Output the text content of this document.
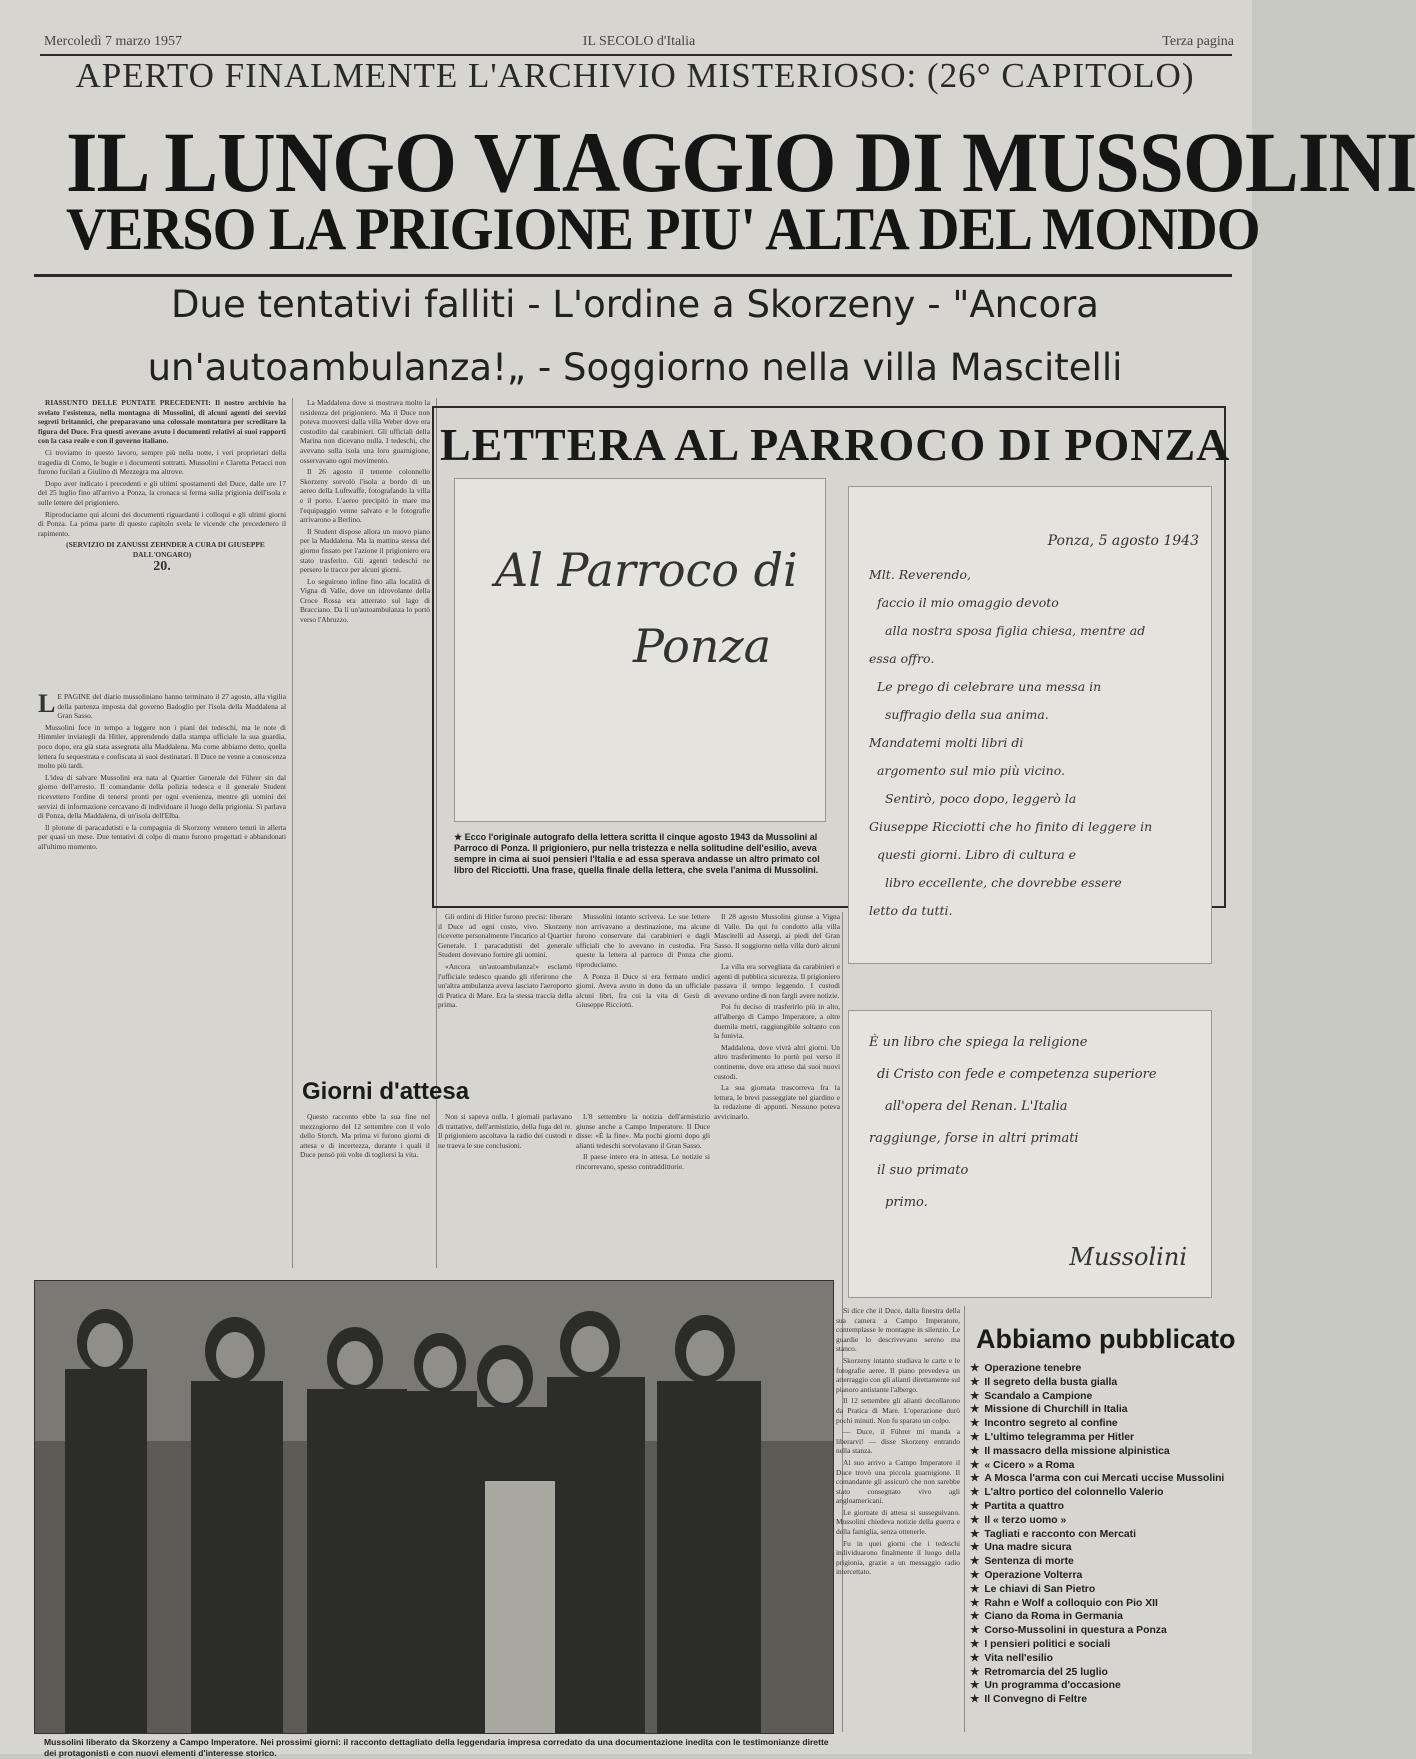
Mercoledì 7 marzo 1957	IL SECOLO d'Italia	Terza pagina
APERTO FINALMENTE L'ARCHIVIO MISTERIOSO: (26° CAPITOLO)
IL LUNGO VIAGGIO DI MUSSOLINI
VERSO LA PRIGIONE PIU' ALTA DEL MONDO
Due tentativi falliti - L'ordine a Skorzeny - "Ancora
un'autoambulanza!„ - Soggiorno nella villa Mascitelli

RIASSUNTO DELLE PUNTATE PRECEDENTI: Il nostro archivio ha svelato l'esistenza, nella montagna di Mussolini, di alcuni agenti dei servizi segreti britannici, che preparavano una colossale montatura per screditare la figura del Duce. Fra questi avevano avuto i documenti relativi ai suoi rapporti con la casa reale e con il governo italiano.

Ci troviamo in questo lavoro, sempre più nella notte, i veri proprietari della tragedia di Como, le bugie e i documenti sottratti. Mussolini e Claretta Petacci non furono fucilati a Giulino di Mezzegra ma altrove.

Dopo aver indicato i precedenti e gli ultimi spostamenti del Duce, dalle ore 17 del 25 luglio fino all'arrivo a Ponza, la cronaca si ferma sulla prigionia dell'isola e sulle lettere del prigioniero.

Riproduciamo qui alcuni dei documenti riguardanti i colloqui e gli ultimi giorni di Ponza. La prima parte di questo capitolo svela le vicende che precedettero il rapimento.

(SERVIZIO DI ZANUSSI ZEHNDER A CURA DI GIUSEPPE DALL'ONGARO)

20.

L E PAGINE del diario mussoliniano hanno terminato il 27 agosto, alla vigilia della partenza imposta dal governo Badoglio per l'isola della Maddalena al Gran Sasso.

Mussolini fece in tempo a leggere non i piani dei tedeschi, ma le note di Himmler inviategli da Hitler, apprendendo dalla stampa ufficiale la sua guardia, poco dopo, era già stata assegnata alla Maddalena. Ma come abbiamo detto, quella lettera fu sequestrata e confiscata ai suoi destinatari. Il Duce ne venne a conoscenza molto più tardi.

L'idea di salvare Mussolini era nata al Quartier Generale del Führer sin dal giorno dell'arresto. Il comandante della polizia tedesca e il generale Student ricevettero l'ordine di tenersi pronti per ogni evenienza, mentre gli uomini dei servizi di informazione cercavano di individuare il luogo della prigionia. Si parlava di Ponza, della Maddalena, di un'isola dell'Elba.

Il plotone di paracadutisti e la compagnia di Skorzeny vennero tenuti in allerta per quasi un mese. Due tentativi di colpo di mano furono progettati e abbandonati all'ultimo momento.

La Maddalena dove si mostrava molto la residenza del prigioniero. Ma il Duce non poteva muoversi dalla villa Weber dove era custodito dai carabinieri. Gli ufficiali della Marina non dicevano nulla. I tedeschi, che avevano sulla isola una loro guarnigione, osservavano ogni movimento.

Il 26 agosto il tenente colonnello Skorzeny sorvolò l'isola a bordo di un aereo della Luftwaffe, fotografando la villa e il porto. L'aereo precipitò in mare ma l'equipaggio venne salvato e le fotografie arrivarono a Berlino.

Il Student dispose allora un nuovo piano per la Maddalena. Ma la mattina stessa del giorno fissato per l'azione il prigioniero era stato trasferito. Gli agenti tedeschi ne persero le tracce per alcuni giorni.

Lo seguirono infine fino alla località di Vigna di Valle, dove un idrovolante della Croce Rossa era atterrato sul lago di Bracciano. Da lì un'autoambulanza lo portò verso l'Abruzzo.

LETTERA AL PARROCO DI PONZA
Al Parroco di
Ponza
★ Ecco l'originale autografo della lettera scritta il cinque agosto 1943 da Mussolini al Parroco di Ponza. Il prigioniero, pur nella tristezza e nella solitudine dell'esilio, aveva sempre in cima ai suoi pensieri l'Italia e ad essa sperava andasse un altro primato col libro del Ricciotti. Una frase, quella finale della lettera, che svela l'anima di Mussolini.
Ponza, 5 agosto 1943
Mlt. Reverendo,
faccio il mio omaggio devoto
alla nostra sposa figlia chiesa, mentre ad
essa offro.
Le prego di celebrare una messa in
suffragio della sua anima.
Mandatemi molti libri di
argomento sul mio più vicino.
Sentirò, poco dopo, leggerò la
Giuseppe Ricciotti che ho finito di leggere in
questi giorni. Libro di cultura e
libro eccellente, che dovrebbe essere
letto da tutti.
È un libro che spiega la religione
di Cristo con fede e competenza superiore
all'opera del Renan. L'Italia
raggiunge, forse in altri primati
il suo primato
primo.
Mussolini

Gli ordini di Hitler furono precisi: liberare il Duce ad ogni costo, vivo. Skorzeny ricevette personalmente l'incarico al Quartier Generale. I paracadutisti del generale Student dovevano fornire gli uomini.

«Ancora un'autoambulanza!» esclamò l'ufficiale tedesco quando gli riferirono che un'altra ambulanza aveva lasciato l'aeroporto di Pratica di Mare. Era la stessa traccia della prima.

Mussolini intanto scriveva. Le sue lettere non arrivavano a destinazione, ma alcune furono conservate dai carabinieri e dagli ufficiali che lo avevano in custodia. Fra queste la lettera al parroco di Ponza che riproduciamo.

A Ponza il Duce si era fermato undici giorni. Aveva avuto in dono da un ufficiale alcuni libri, fra cui la vita di Gesù di Giuseppe Ricciotti.

Il 28 agosto Mussolini giunse a Vigna di Valle. Da qui fu condotto alla villa Mascitelli ad Assergi, ai piedi del Gran Sasso. Il soggiorno nella villa durò alcuni giorni.

La villa era sorvegliata da carabinieri e agenti di pubblica sicurezza. Il prigioniero passava il tempo leggendo. I custodi avevano ordine di non fargli avere notizie.

Poi fu deciso di trasferirlo più in alto, all'albergo di Campo Imperatore, a oltre duemila metri, raggiungibile soltanto con la funivia.

Maddalena, dove vivrà altri giorni. Un altro trasferimento lo portò poi verso il continente, dove era atteso dai suoi nuovi custodi.

La sua giornata trascorreva fra la lettura, le brevi passeggiate nel giardino e la redazione di appunti. Nessuno poteva avvicinarlo.

Giorni d'attesa

Questo racconto ebbe la sua fine nel mezzogiorno del 12 settembre con il volo dello Storch. Ma prima vi furono giorni di attesa e di incertezza, durante i quali il Duce pensò più volte di togliersi la vita.

Non si sapeva nulla. I giornali parlavano di trattative, dell'armistizio, della fuga del re. Il prigioniero ascoltava la radio dei custodi e ne traeva le sue conclusioni.

L'8 settembre la notizia dell'armistizio giunse anche a Campo Imperatore. Il Duce disse: «È la fine». Ma pochi giorni dopo gli alianti tedeschi sorvolavano il Gran Sasso.

Il paese intero era in attesa. Le notizie si rincorrevano, spesso contraddittorie.

Si dice che il Duce, dalla finestra della sua camera a Campo Imperatore, contemplasse le montagne in silenzio. Le guardie lo descrivevano sereno ma stanco.

Skorzeny intanto studiava le carte e le fotografie aeree. Il piano prevedeva un atterraggio con gli alianti direttamente sul pianoro antistante l'albergo.

Il 12 settembre gli alianti decollarono da Pratica di Mare. L'operazione durò pochi minuti. Non fu sparato un colpo.

— Duce, il Führer mi manda a liberarvi! — disse Skorzeny entrando nella stanza.

Al suo arrivo a Campo Imperatore il Duce trovò una piccola guarnigione. Il comandante gli assicurò che non sarebbe stato consegnato vivo agli angloamericani.

Le giornate di attesa si susseguivano. Mussolini chiedeva notizie della guerra e della famiglia, senza ottenerle.

Fu in quei giorni che i tedeschi individuarono finalmente il luogo della prigionia, grazie a un messaggio radio intercettato.

Mussolini liberato da Skorzeny a Campo Imperatore. Nei prossimi giorni: il racconto dettagliato della leggendaria impresa corredato da una documentazione inedita con le testimonianze dirette dei protagonisti e con nuovi elementi d'interesse storico.
Abbiamo pubblicato
★ Operazione tenebre
★ Il segreto della busta gialla
★ Scandalo a Campione
★ Missione di Churchill in Italia
★ Incontro segreto al confine
★ L'ultimo telegramma per Hitler
★ Il massacro della missione alpinistica
★ « Cicero » a Roma
★ A Mosca l'arma con cui Mercati uccise Mussolini
★ L'altro portico del colonnello Valerio
★ Partita a quattro
★ Il « terzo uomo »
★ Tagliati e racconto con Mercati
★ Una madre sicura
★ Sentenza di morte
★ Operazione Volterra
★ Le chiavi di San Pietro
★ Rahn e Wolf a colloquio con Pio XII
★ Ciano da Roma in Germania
★ Corso-Mussolini in questura a Ponza
★ I pensieri politici e sociali
★ Vita nell'esilio
★ Retromarcia del 25 luglio
★ Un programma d'occasione
★ Il Convegno di Feltre
